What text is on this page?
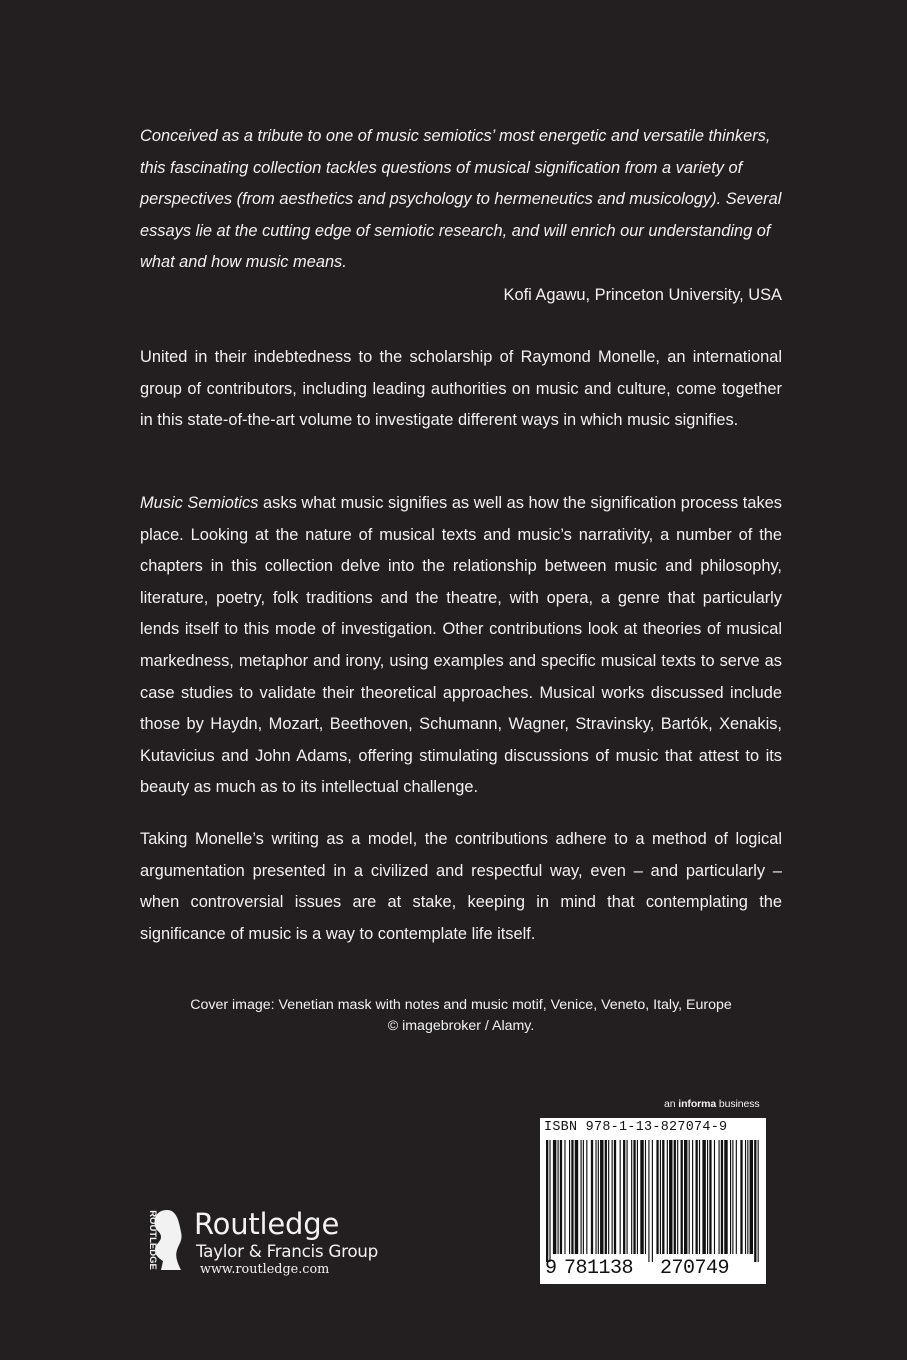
Conceived as a tribute to one of music semiotics’ most energetic and versatile thinkers, this fascinating collection tackles questions of musical signification from a variety of perspectives (from aesthetics and psychology to hermeneutics and musicology). Several essays lie at the cutting edge of semiotic research, and will enrich our understanding of what and how music means.
Kofi Agawu, Princeton University, USA
United in their indebtedness to the scholarship of Raymond Monelle, an international group of contributors, including leading authorities on music and culture, come together in this state-of-the-art volume to investigate different ways in which music signifies.
Music Semiotics asks what music signifies as well as how the signification process takes place. Looking at the nature of musical texts and music’s narrativity, a number of the chapters in this collection delve into the relationship between music and philosophy, literature, poetry, folk traditions and the theatre, with opera, a genre that particularly lends itself to this mode of investigation. Other contributions look at theories of musical markedness, metaphor and irony, using examples and specific musical texts to serve as case studies to validate their theoretical approaches. Musical works discussed include those by Haydn, Mozart, Beethoven, Schumann, Wagner, Stravinsky, Bartók, Xenakis, Kutavicius and John Adams, offering stimulating discussions of music that attest to its beauty as much as to its intellectual challenge.
Taking Monelle’s writing as a model, the contributions adhere to a method of logical argumentation presented in a civilized and respectful way, even – and particularly – when controversial issues are at stake, keeping in mind that contemplating the significance of music is a way to contemplate life itself.
Cover image: Venetian mask with notes and music motif, Venice, Veneto, Italy, Europe
© imagebroker / Alamy.
an informa business
ISBN 978-1-13-827074-9
9 781138 270749
ROUTLEDGE Routledge
Taylor & Francis Group
www.routledge.com
